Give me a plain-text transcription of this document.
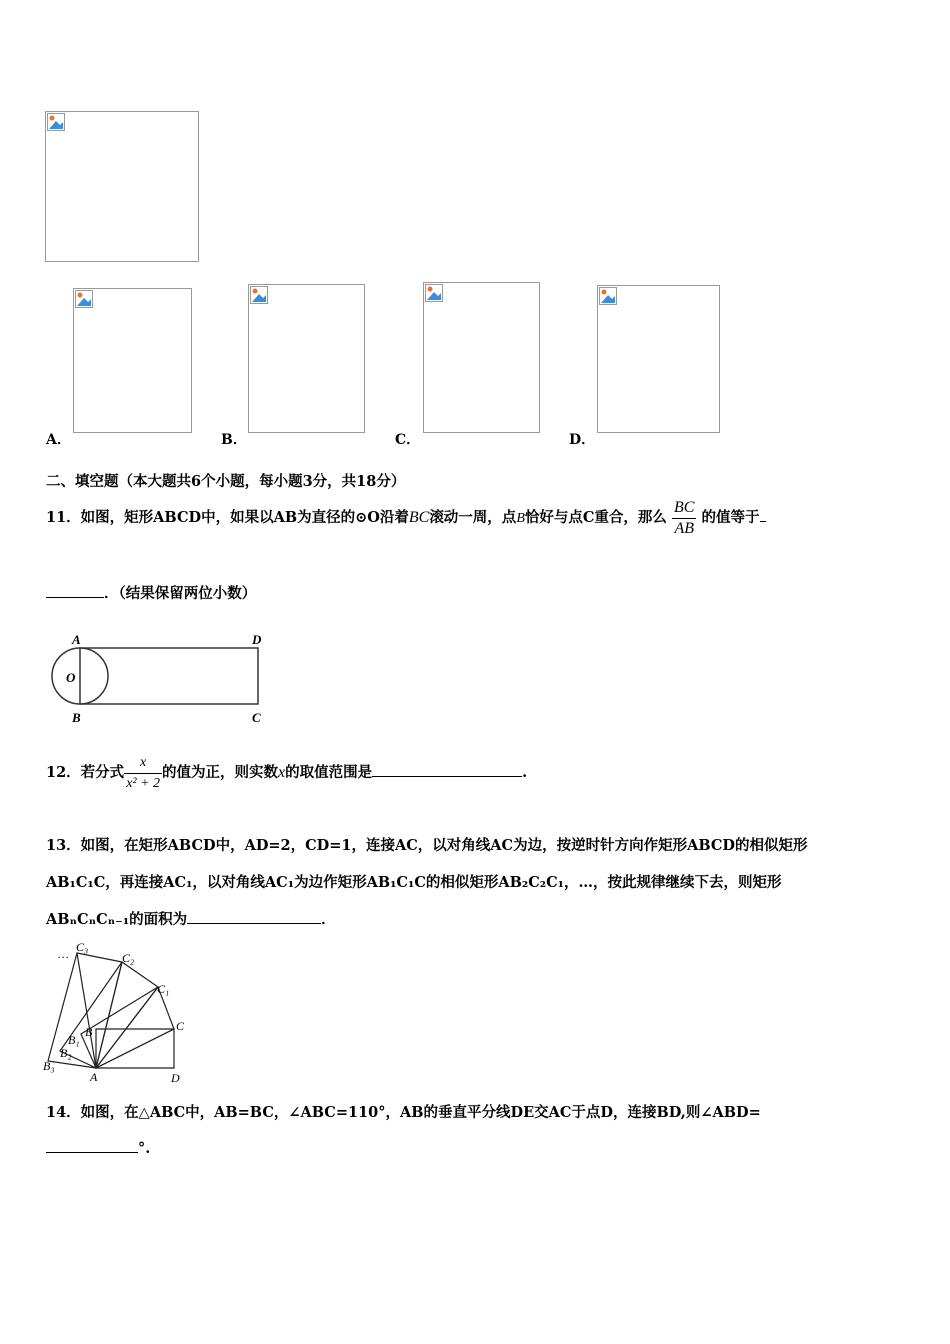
A．	B．	C．	D．
二、填空题（本大题共6个小题，每小题3分，共18分）
11．如图，矩形ABCD中，如果以AB为直径的⊙O沿着BC滚动一周，点B恰好与点C重合，那么 $\frac{BC}{AB}$ 的值等于
．（结果保留两位小数）
A	D
O
B	C
12．若分式 $\frac{x}{\text{x² + 2}}$ 的值为正，则实数x的取值范围是	.
13．如图，在矩形ABCD中，AD=2，CD=1，连接AC，以对角线AC为边，按逆时针方向作矩形ABCD的相似矩形
AB₁C₁C，再连接AC₁，以对角线AC₁为边作矩形AB₁C₁C的相似矩形AB₂C₂C₁，…，按此规律继续下去，则矩形
ABₙCₙCₙ₋₁的面积为	．
… C₃
C₂
C₁
C
B
B₁
B₂
B₃
A	D
14．如图，在△ABC中，AB=BC，∠ABC=110°，AB的垂直平分线DE交AC于点D，连接BD,则∠ABD=
°.
